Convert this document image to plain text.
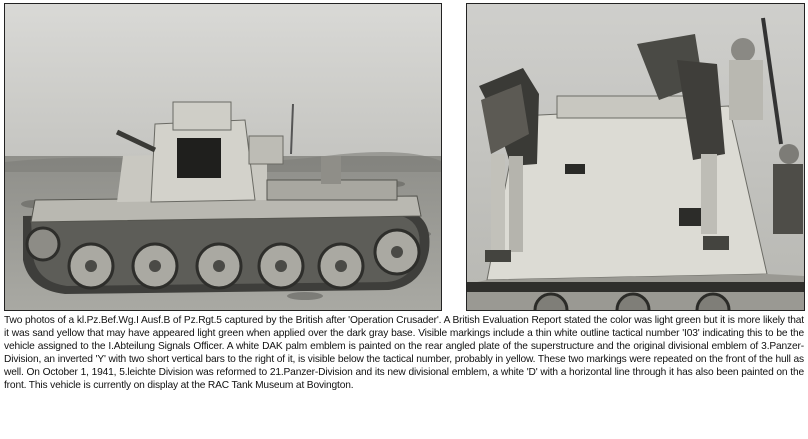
Two photos of a kl.Pz.Bef.Wg.I Ausf.B of Pz.Rgt.5 captured by the British after 'Operation Crusader'. A British Evaluation Report stated the color was light green but it is more likely that it was sand yellow that may have appeared light green when applied over the dark gray base. Visible markings include a thin white outline tactical number 'I03' indicating this to be the vehicle assigned to the I.Abteilung Signals Officer. A white DAK palm emblem is painted on the rear angled plate of the superstructure and the original divisional emblem of 3.Panzer-Division, an inverted 'Y' with two short vertical bars to the right of it, is visible below the tactical number, probably in yellow. These two markings were repeated on the front of the hull as well. On October 1, 1941, 5.leichte Division was reformed to 21.Panzer-Division and its new divisional emblem, a white 'D' with a horizontal line through it has also been painted on the front. This vehicle is currently on display at the RAC Tank Museum at Bovington.
